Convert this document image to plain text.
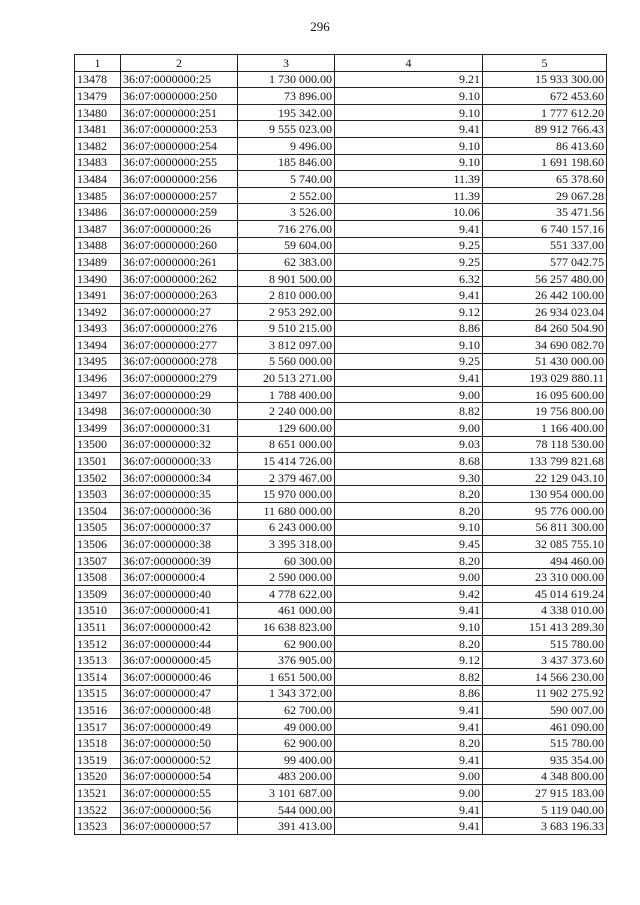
296
1	2	3	4	5
13478	36:07:0000000:25	1 730 000.00	9.21	15 933 300.00
13479	36:07:0000000:250	73 896.00	9.10	672 453.60
13480	36:07:0000000:251	195 342.00	9.10	1 777 612.20
13481	36:07:0000000:253	9 555 023.00	9.41	89 912 766.43
13482	36:07:0000000:254	9 496.00	9.10	86 413.60
13483	36:07:0000000:255	185 846.00	9.10	1 691 198.60
13484	36:07:0000000:256	5 740.00	11.39	65 378.60
13485	36:07:0000000:257	2 552.00	11.39	29 067.28
13486	36:07:0000000:259	3 526.00	10.06	35 471.56
13487	36:07:0000000:26	716 276.00	9.41	6 740 157.16
13488	36:07:0000000:260	59 604.00	9.25	551 337.00
13489	36:07:0000000:261	62 383.00	9.25	577 042.75
13490	36:07:0000000:262	8 901 500.00	6.32	56 257 480.00
13491	36:07:0000000:263	2 810 000.00	9.41	26 442 100.00
13492	36:07:0000000:27	2 953 292.00	9.12	26 934 023.04
13493	36:07:0000000:276	9 510 215.00	8.86	84 260 504.90
13494	36:07:0000000:277	3 812 097.00	9.10	34 690 082.70
13495	36:07:0000000:278	5 560 000.00	9.25	51 430 000.00
13496	36:07:0000000:279	20 513 271.00	9.41	193 029 880.11
13497	36:07:0000000:29	1 788 400.00	9.00	16 095 600.00
13498	36:07:0000000:30	2 240 000.00	8.82	19 756 800.00
13499	36:07:0000000:31	129 600.00	9.00	1 166 400.00
13500	36:07:0000000:32	8 651 000.00	9.03	78 118 530.00
13501	36:07:0000000:33	15 414 726.00	8.68	133 799 821.68
13502	36:07:0000000:34	2 379 467.00	9.30	22 129 043.10
13503	36:07:0000000:35	15 970 000.00	8.20	130 954 000.00
13504	36:07:0000000:36	11 680 000.00	8.20	95 776 000.00
13505	36:07:0000000:37	6 243 000.00	9.10	56 811 300.00
13506	36:07:0000000:38	3 395 318.00	9.45	32 085 755.10
13507	36:07:0000000:39	60 300.00	8.20	494 460.00
13508	36:07:0000000:4	2 590 000.00	9.00	23 310 000.00
13509	36:07:0000000:40	4 778 622.00	9.42	45 014 619.24
13510	36:07:0000000:41	461 000.00	9.41	4 338 010.00
13511	36:07:0000000:42	16 638 823.00	9.10	151 413 289.30
13512	36:07:0000000:44	62 900.00	8.20	515 780.00
13513	36:07:0000000:45	376 905.00	9.12	3 437 373.60
13514	36:07:0000000:46	1 651 500.00	8.82	14 566 230.00
13515	36:07:0000000:47	1 343 372.00	8.86	11 902 275.92
13516	36:07:0000000:48	62 700.00	9.41	590 007.00
13517	36:07:0000000:49	49 000.00	9.41	461 090.00
13518	36:07:0000000:50	62 900.00	8.20	515 780.00
13519	36:07:0000000:52	99 400.00	9.41	935 354.00
13520	36:07:0000000:54	483 200.00	9.00	4 348 800.00
13521	36:07:0000000:55	3 101 687.00	9.00	27 915 183.00
13522	36:07:0000000:56	544 000.00	9.41	5 119 040.00
13523	36:07:0000000:57	391 413.00	9.41	3 683 196.33
